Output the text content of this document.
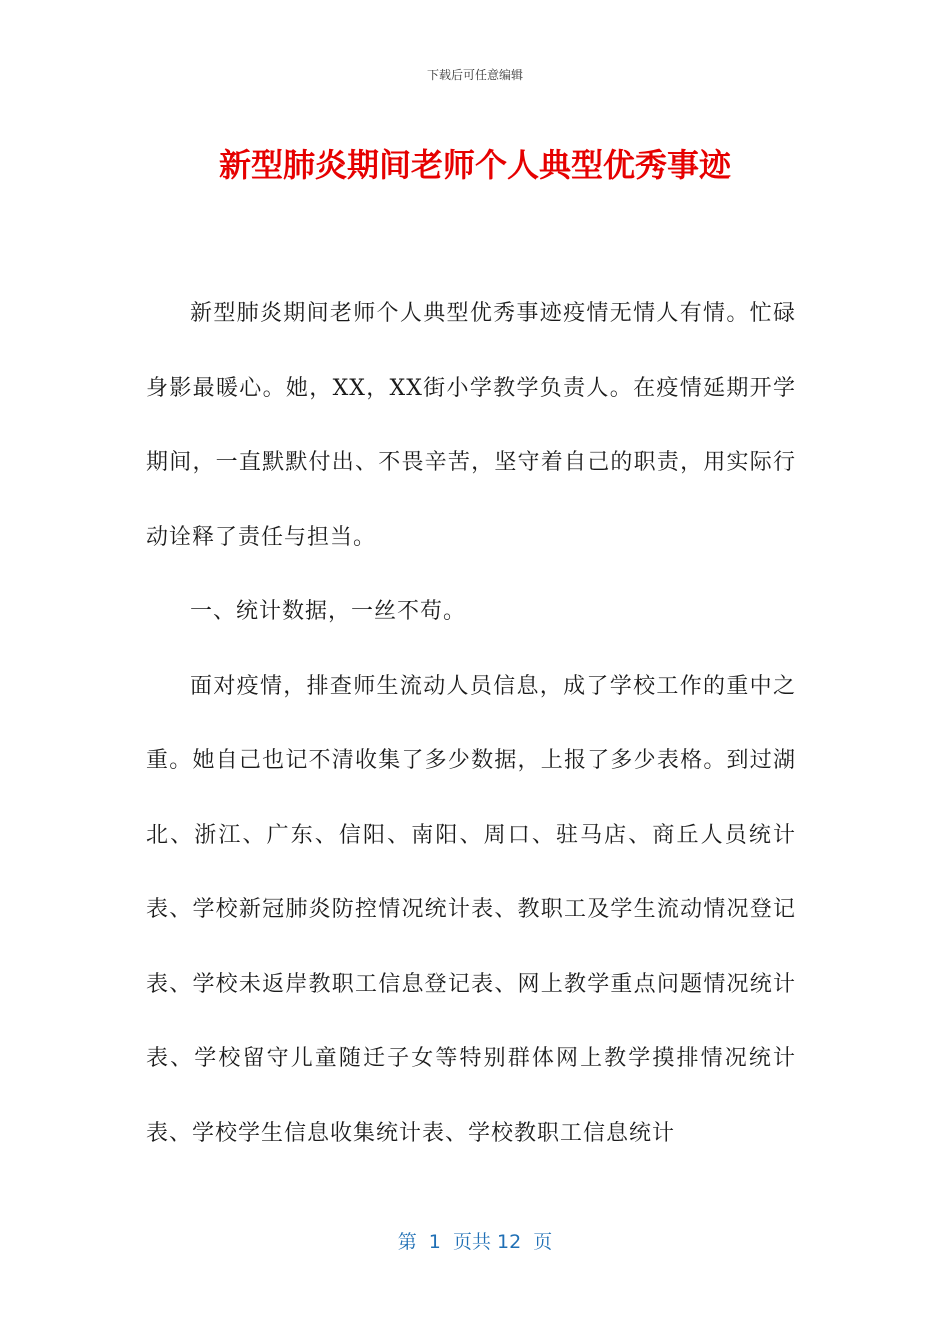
下载后可任意编辑
新型肺炎期间老师个人典型优秀事迹

新型肺炎期间老师个人典型优秀事迹疫情无情人有情。忙碌身影最暖心。她，XX，XX街小学教学负责人。在疫情延期开学期间，一直默默付出、不畏辛苦，坚守着自己的职责，用实际行动诠释了责任与担当。

一、统计数据，一丝不苟。

面对疫情，排查师生流动人员信息，成了学校工作的重中之重。她自己也记不清收集了多少数据，上报了多少表格。到过湖北、浙江、广东、信阳、南阳、周口、驻马店、商丘人员统计表、学校新冠肺炎防控情况统计表、教职工及学生流动情况登记表、学校未返岸教职工信息登记表、网上教学重点问题情况统计表、学校留守儿童随迁子女等特别群体网上教学摸排情况统计表、学校学生信息收集统计表、学校教职工信息统计

第  1  页共 12  页
